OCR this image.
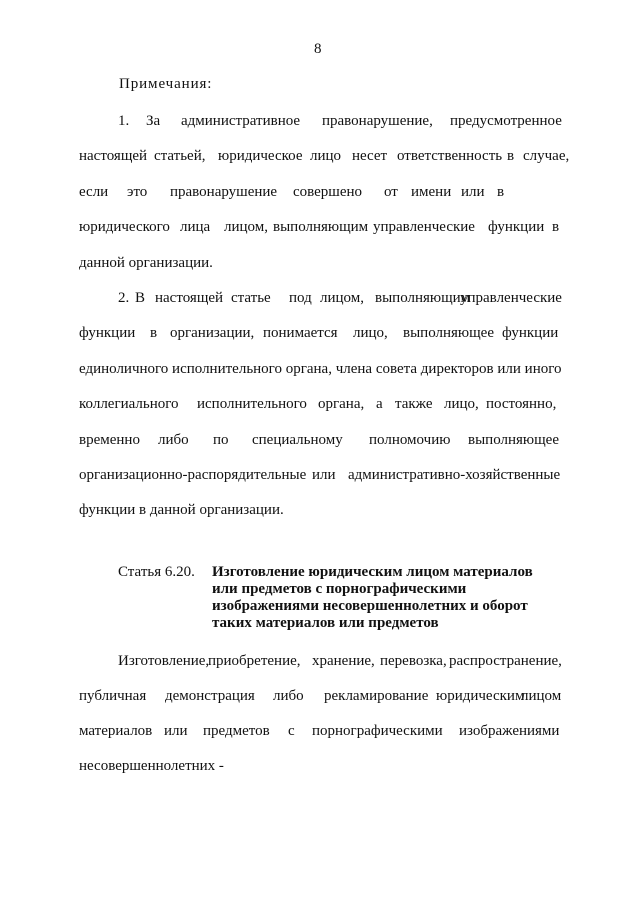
8
Примечания:
1. За административное правонарушение, предусмотренное
настоящей статьей, юридическое лицо несет ответственность в случае,
если это правонарушение совершено от имени или в
юридического лица лицом, выполняющим управленческие функции в
данной организации.
2. В настоящей статье под лицом, выполняющим
управленческие
функции в организации, понимается лицо, выполняющее функции
единоличного исполнительного органа, члена совета директоров или иного
коллегиального исполнительного органа, а также лицо, постоянно,
временно либо по специальному полномочию выполняющее
организационно-распорядительные или административно-хозяйственные
функции в данной организации.
Статья 6.20. Изготовление юридическим лицом материалов
или предметов с порнографическими
изображениями несовершеннолетних и оборот
таких материалов или предметов
Изготовление,
приобретение, хранение, перевозка, распространение,
публичная демонстрация либо рекламирование юридическим
лицом
материалов или предметов с порнографическими изображениями
несовершеннолетних -
